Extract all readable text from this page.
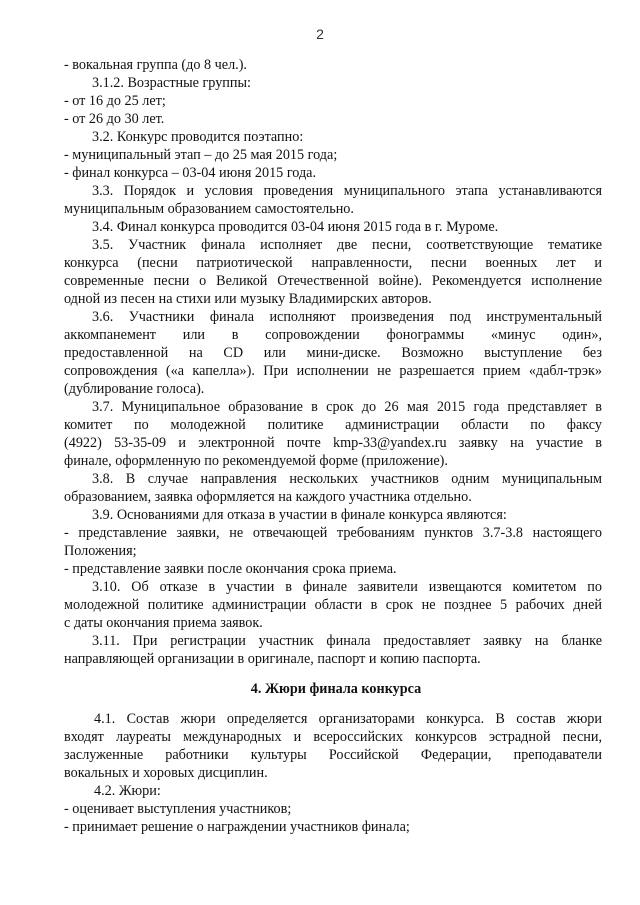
2
- вокальная группа (до 8 чел.).
3.1.2. Возрастные группы:
- от 16 до 25 лет;
- от 26 до 30 лет.
3.2. Конкурс проводится поэтапно:
- муниципальный этап – до 25 мая 2015 года;
- финал конкурса – 03-04 июня 2015 года.
3.3. Порядок и условия проведения муниципального этапа устанавливаются
муниципальным образованием самостоятельно.
3.4. Финал конкурса проводится 03-04 июня 2015 года в г. Муроме.
3.5. Участник финала исполняет две песни, соответствующие тематике
конкурса (песни патриотической направленности, песни военных лет и
современные песни о Великой Отечественной войне). Рекомендуется исполнение
одной из песен на стихи или музыку Владимирских авторов.
3.6. Участники финала исполняют произведения под инструментальный
аккомпанемент или в сопровождении фонограммы «минус один»,
предоставленной на CD или мини-диске. Возможно выступление без
сопровождения («а капелла»). При исполнении не разрешается прием «дабл-трэк»
(дублирование голоса).
3.7. Муниципальное образование в срок до 26 мая 2015 года представляет в
комитет по молодежной политике администрации области по факсу
(4922) 53-35-09 и электронной почте kmp-33@yandex.ru заявку на участие в
финале, оформленную по рекомендуемой форме (приложение).
3.8. В случае направления нескольких участников одним муниципальным
образованием, заявка оформляется на каждого участника отдельно.
3.9. Основаниями для отказа в участии в финале конкурса являются:
- представление заявки, не отвечающей требованиям пунктов 3.7-3.8 настоящего
Положения;
- представление заявки после окончания срока приема.
3.10. Об отказе в участии в финале заявители извещаются комитетом по
молодежной политике администрации области в срок не позднее 5 рабочих дней
с даты окончания приема заявок.
3.11. При регистрации участник финала предоставляет заявку на бланке
направляющей организации в оригинале, паспорт и копию паспорта.
4. Жюри финала конкурса
4.1. Состав жюри определяется организаторами конкурса. В состав жюри
входят лауреаты международных и всероссийских конкурсов эстрадной песни,
заслуженные работники культуры Российской Федерации, преподаватели
вокальных и хоровых дисциплин.
4.2. Жюри:
- оценивает выступления участников;
- принимает решение о награждении участников финала;
